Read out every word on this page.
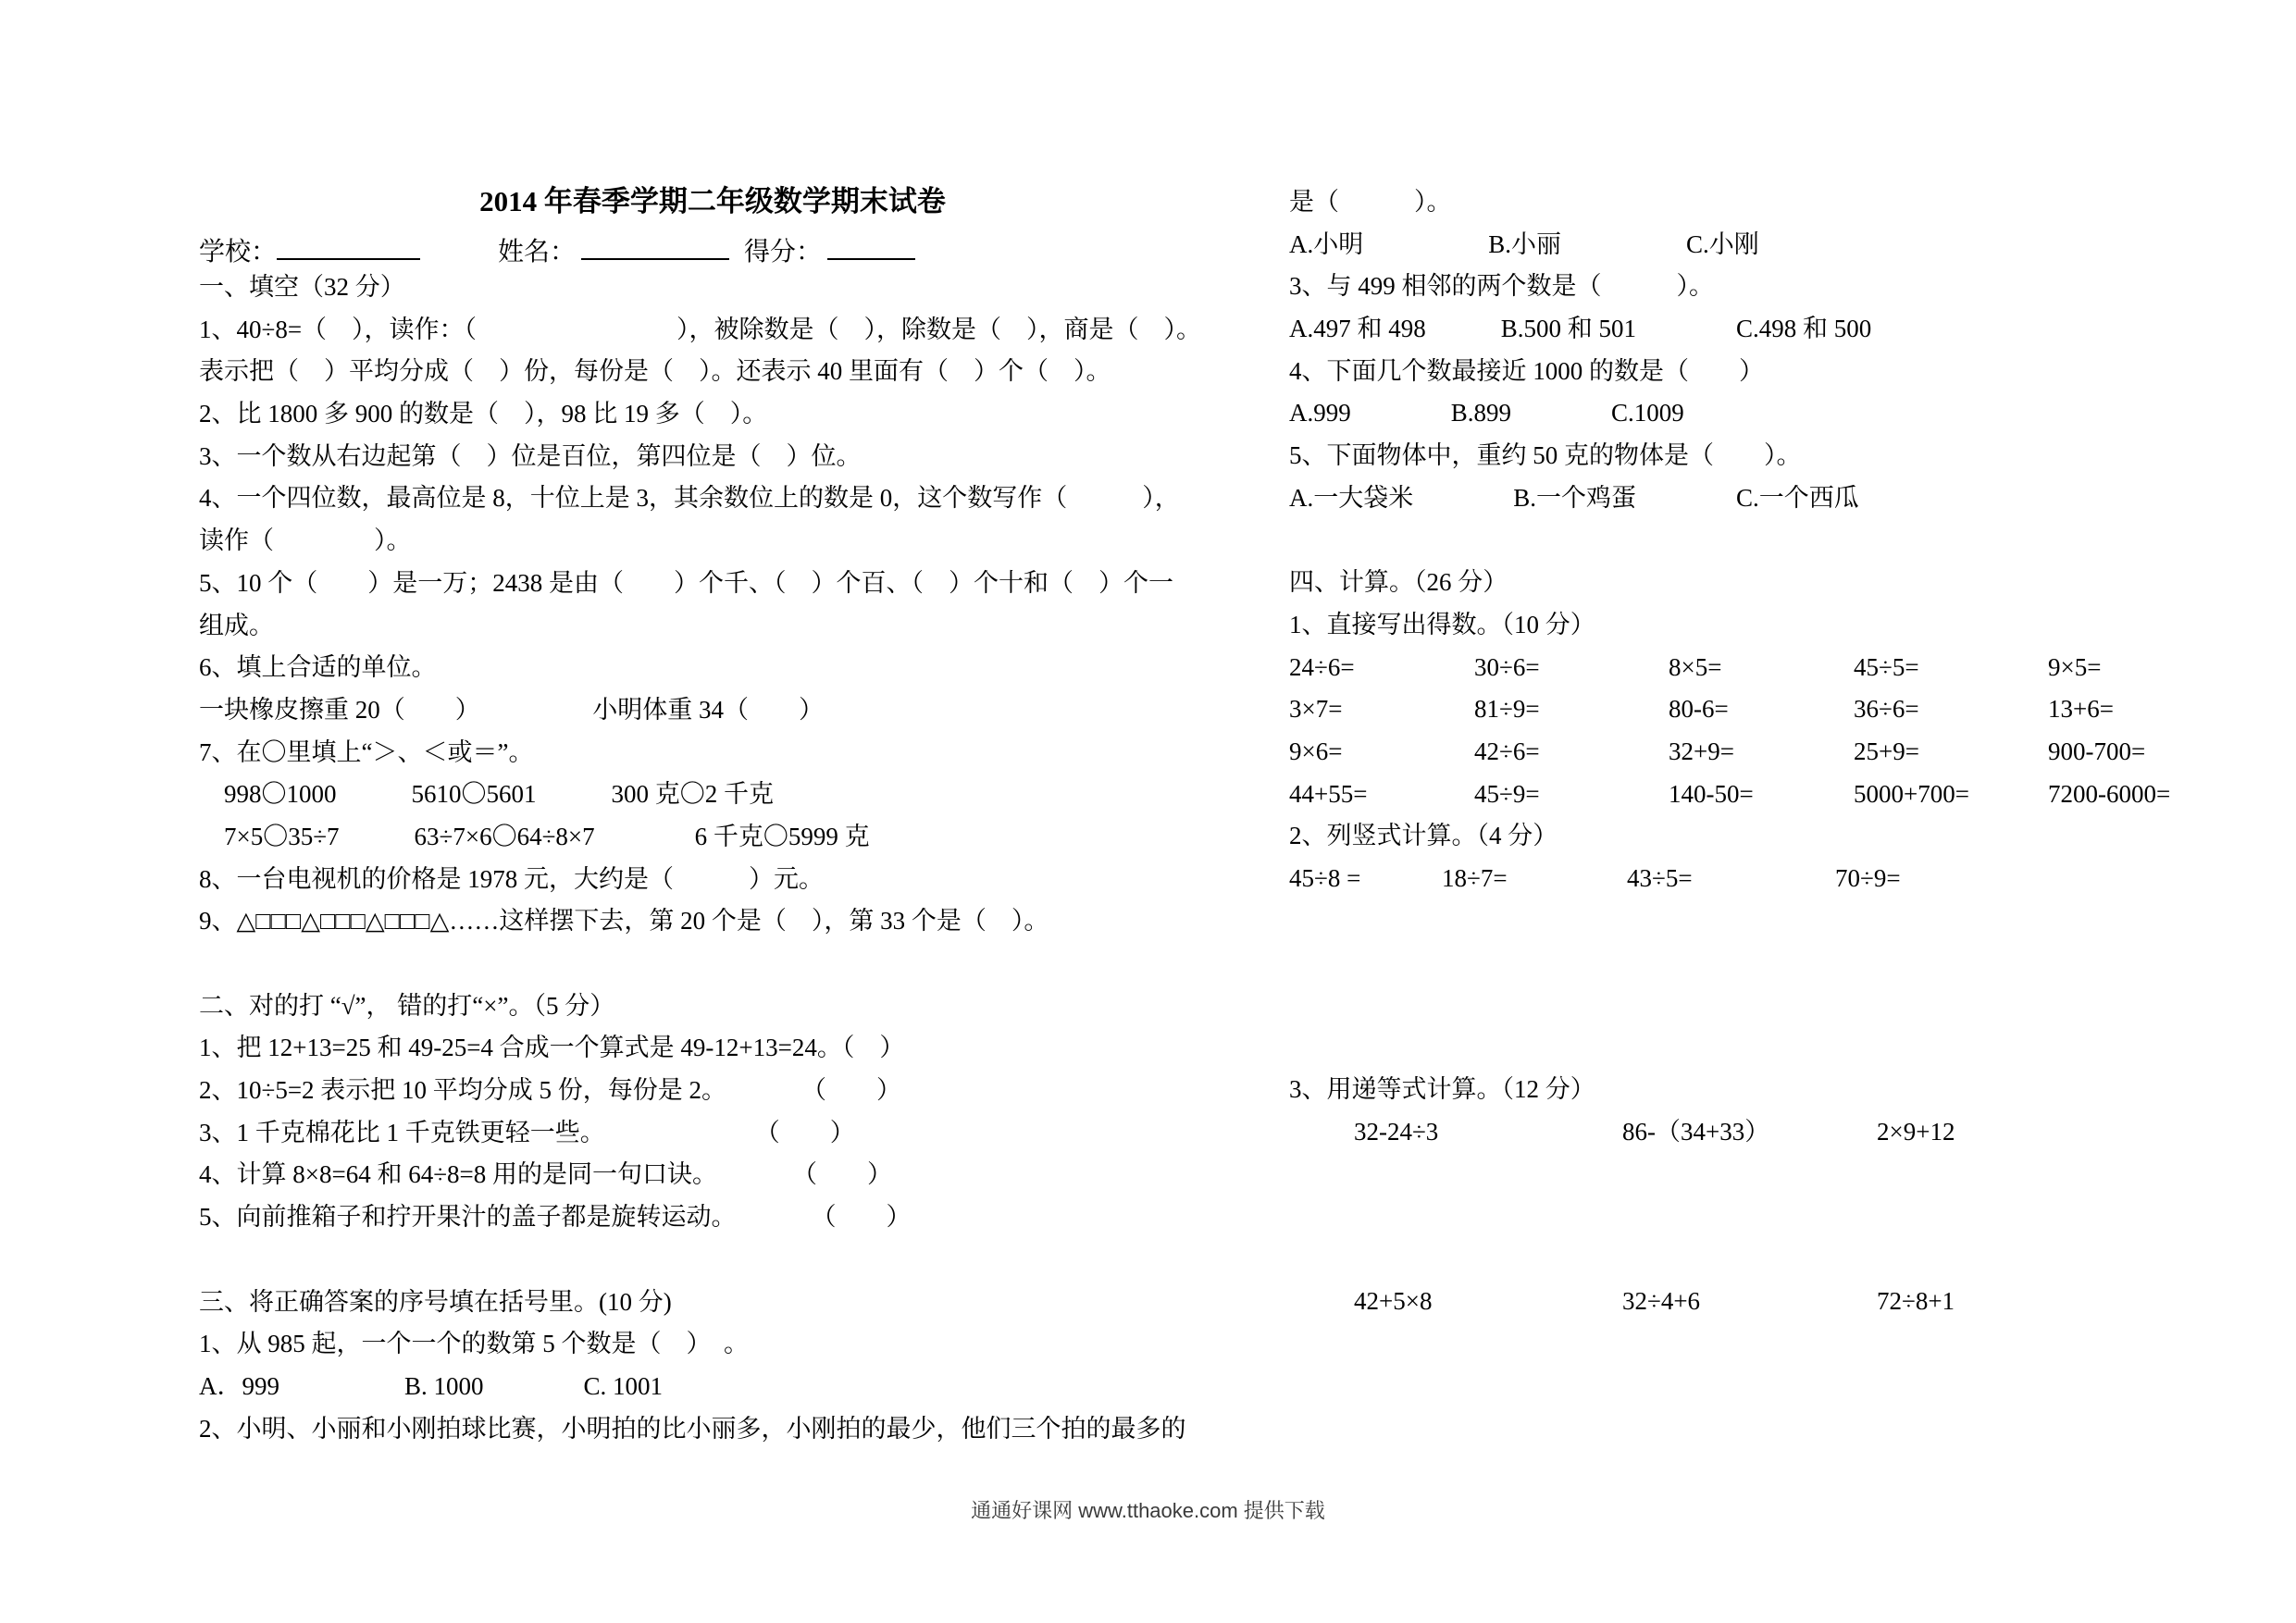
2014 年春季学期二年级数学期末试卷
学校：	姓名：	得分：
一、填空（32 分）
1、40÷8=（　），读作：（　　　　　　　　），被除数是（　），除数是（　），商是（　）。
表示把（　）平均分成（　）份，每份是（　）。还表示 40 里面有（　）个（　）。
2、比 1800 多 900 的数是（　），98 比 19 多（　）。
3、一个数从右边起第（　）位是百位，第四位是（　）位。
4、一个四位数，最高位是 8，十位上是 3，其余数位上的数是 0，这个数写作（　　　），
读作（　　　　）。
5、10 个（　　）是一万；2438 是由（　　）个千、（　）个百、（　）个十和（　）个一
组成。
6、填上合适的单位。
一块橡皮擦重 20（　　）　　　　　小明体重 34（　　）
7、在〇里填上“＞、＜或＝”。
　998〇1000　　　5610〇5601　　　300 克〇2 千克
　7×5〇35÷7　　　63÷7×6〇64÷8×7　　　　6 千克〇5999 克
8、一台电视机的价格是 1978 元，大约是（　　　）元。
9、△□□□△□□□△□□□△……这样摆下去，第 20 个是（　），第 33 个是（　）。
二、对的打 “√”， 错的打“×”。（5 分）
1、把 12+13=25 和 49-25=4 合成一个算式是 49-12+13=24。（　）
2、10÷5=2 表示把 10 平均分成 5 份，每份是 2。　　　　（　　）
3、1 千克棉花比 1 千克铁更轻一些。　　　　　　　（　　）
4、计算 8×8=64 和 64÷8=8 用的是同一句口诀。　　　　（　　）
5、向前推箱子和拧开果汁的盖子都是旋转运动。　　　　（　　）
三、将正确答案的序号填在括号里。(10 分)
1、从 985 起，一个一个的数第 5 个数是（　）　。
A．999　　　　　B. 1000　　　　C. 1001
2、小明、小丽和小刚拍球比赛，小明拍的比小丽多，小刚拍的最少，他们三个拍的最多的
是（　　　）。
A.小明　　　　　B.小丽　　　　　C.小刚
3、与 499 相邻的两个数是（　　　）。
A.497 和 498　　　B.500 和 501　　　　C.498 和 500
4、下面几个数最接近 1000 的数是（　　）
A.999　　　　B.899　　　　C.1009
5、下面物体中，重约 50 克的物体是（　　）。
A.一大袋米　　　　B.一个鸡蛋　　　　C.一个西瓜
四、计算。（26 分）
1、直接写出得数。（10 分）
24÷6=	30÷6=	8×5=	45÷5=	9×5=
3×7=	81÷9=	80-6=	36÷6=	13+6=
9×6=	42÷6=	32+9=	25+9=	900-700=
44+55=	45÷9=	140-50=	5000+700=	7200-6000=
2、列竖式计算。（4 分）
45÷8 =	18÷7=	43÷5=	70÷9=
3、用递等式计算。（12 分）
32-24÷3	86-（34+33）	2×9+12
42+5×8	32÷4+6	72÷8+1
通通好课网 www.tthaoke.com 提供下载
